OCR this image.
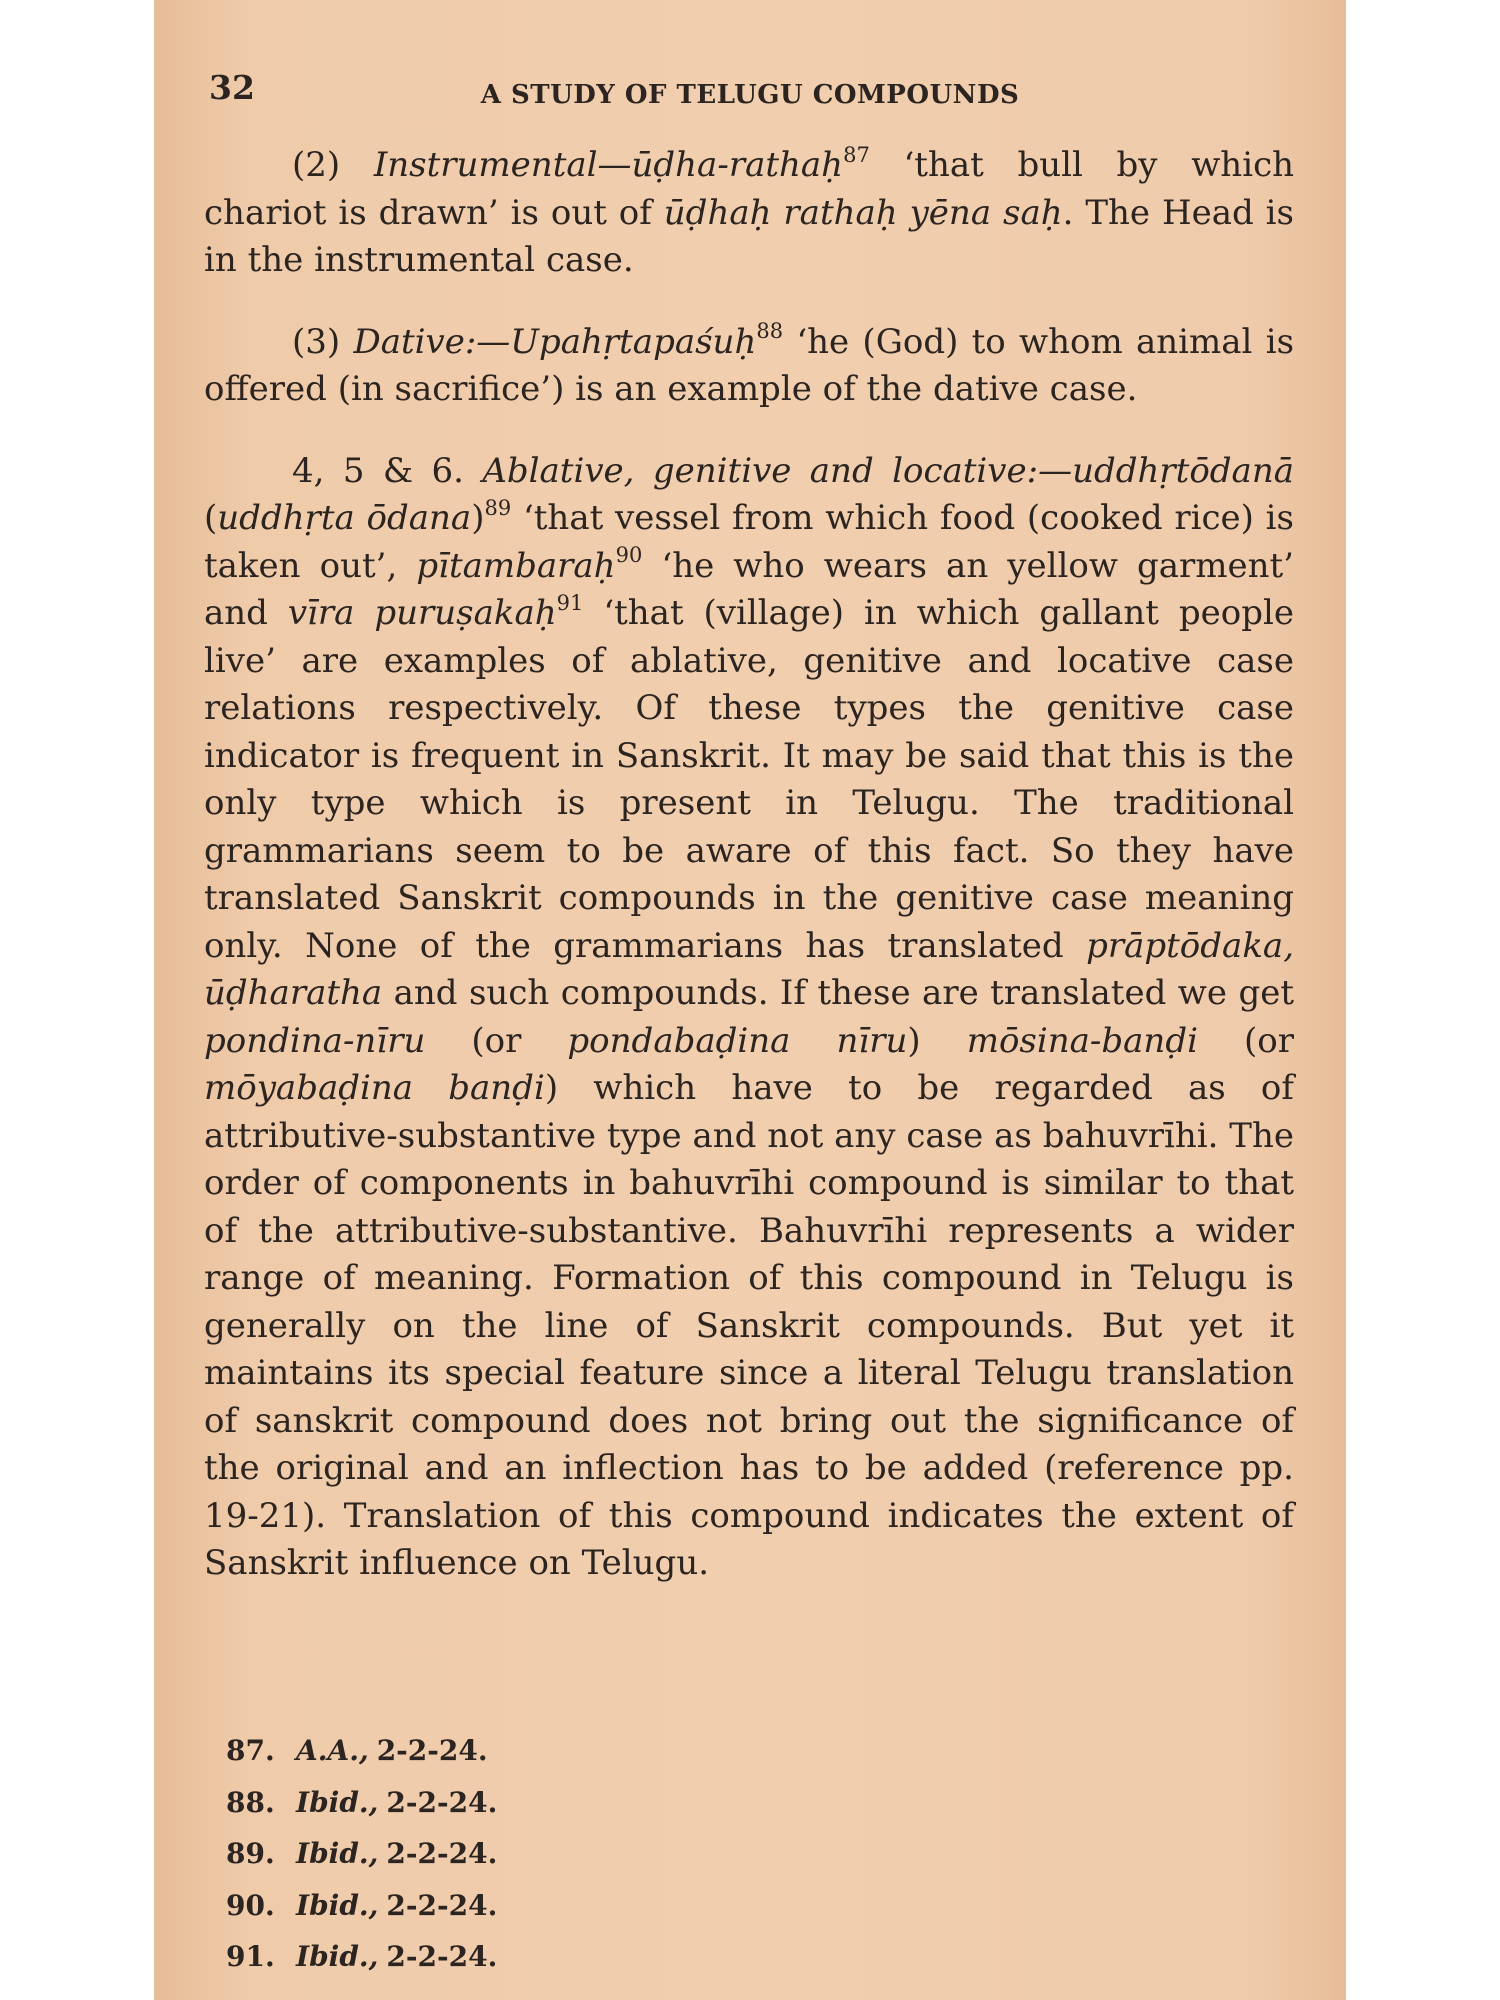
32	A STUDY OF TELUGU COMPOUNDS

(2) Instrumental—ūḍha-rathaḥ$^{87}$ ‘that bull by which chariot is drawn’ is out of ūḍhaḥ rathaḥ yēna saḥ. The Head is in the instrumental case.

(3) Dative:—Upahṛtapaśuḥ$^{88}$ ‘he (God) to whom animal is offered (in sacrifice’) is an example of the dative case.

4, 5 & 6. Ablative, genitive and locative:—uddhṛtōdanā (uddhṛta ōdana)$^{89}$ ‘that vessel from which food (cooked rice) is taken out’, pītambaraḥ$^{90}$ ‘he who wears an yellow garment’ and vīra puruṣakaḥ$^{91}$ ‘that (village) in which gallant people live’ are examples of ablative, genitive and locative case relations respectively. Of these types the genitive case indicator is frequent in Sanskrit. It may be said that this is the only type which is present in Telugu. The traditional grammarians seem to be aware of this fact. So they have translated Sanskrit compounds in the genitive case meaning only. None of the grammarians has translated prāptōdaka, ūḍharatha and such compounds. If these are translated we get pondina-nīru (or pondabaḍina nīru) mōsina-banḍi (or mōyabaḍina banḍi) which have to be regarded as of attributive-substantive type and not any case as bahuvrīhi. The order of components in bahuvrīhi compound is similar to that of the attributive-substantive. Bahuvrīhi represents a wider range of meaning. Formation of this compound in Telugu is generally on the line of Sanskrit compounds. But yet it maintains its special feature since a literal Telugu translation of sanskrit compound does not bring out the significance of the original and an inflection has to be added (reference pp. 19-21). Translation of this compound indicates the extent of Sanskrit influence on Telugu.

87. A.A., 2-2-24.
88. Ibid., 2-2-24.
89. Ibid., 2-2-24.
90. Ibid., 2-2-24.
91. Ibid., 2-2-24.
